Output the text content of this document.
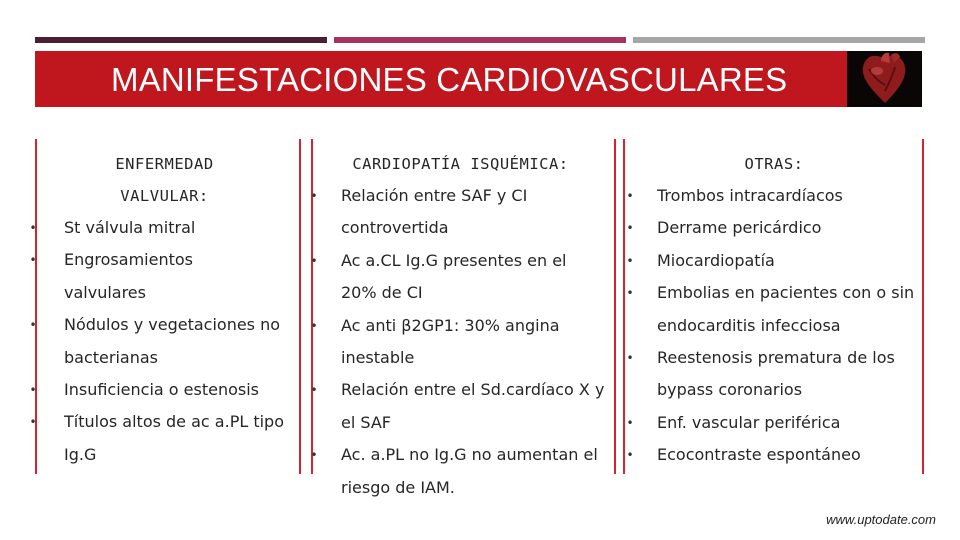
MANIFESTACIONES CARDIOVASCULARES
ENFERMEDAD
VALVULAR:
• St válvula mitral
• Engrosamientos valvulares
• Nódulos y vegetaciones no bacterianas
• Insuficiencia o estenosis
• Títulos altos de ac a.PL tipo Ig.G
CARDIOPATÍA ISQUÉMICA:
• Relación entre SAF y CI controvertida
• Ac a.CL Ig.G presentes en el 20% de CI
• Ac anti β2GP1: 30% angina inestable
• Relación entre el Sd.cardíaco X y el SAF
• Ac. a.PL no Ig.G no aumentan el riesgo de IAM.
OTRAS:
• Trombos intracardíacos
• Derrame pericárdico
• Miocardiopatía
• Embolias en pacientes con o sin endocarditis infecciosa
• Reestenosis prematura de los bypass coronarios
• Enf. vascular periférica
• Ecocontraste espontáneo
www.uptodate.com
